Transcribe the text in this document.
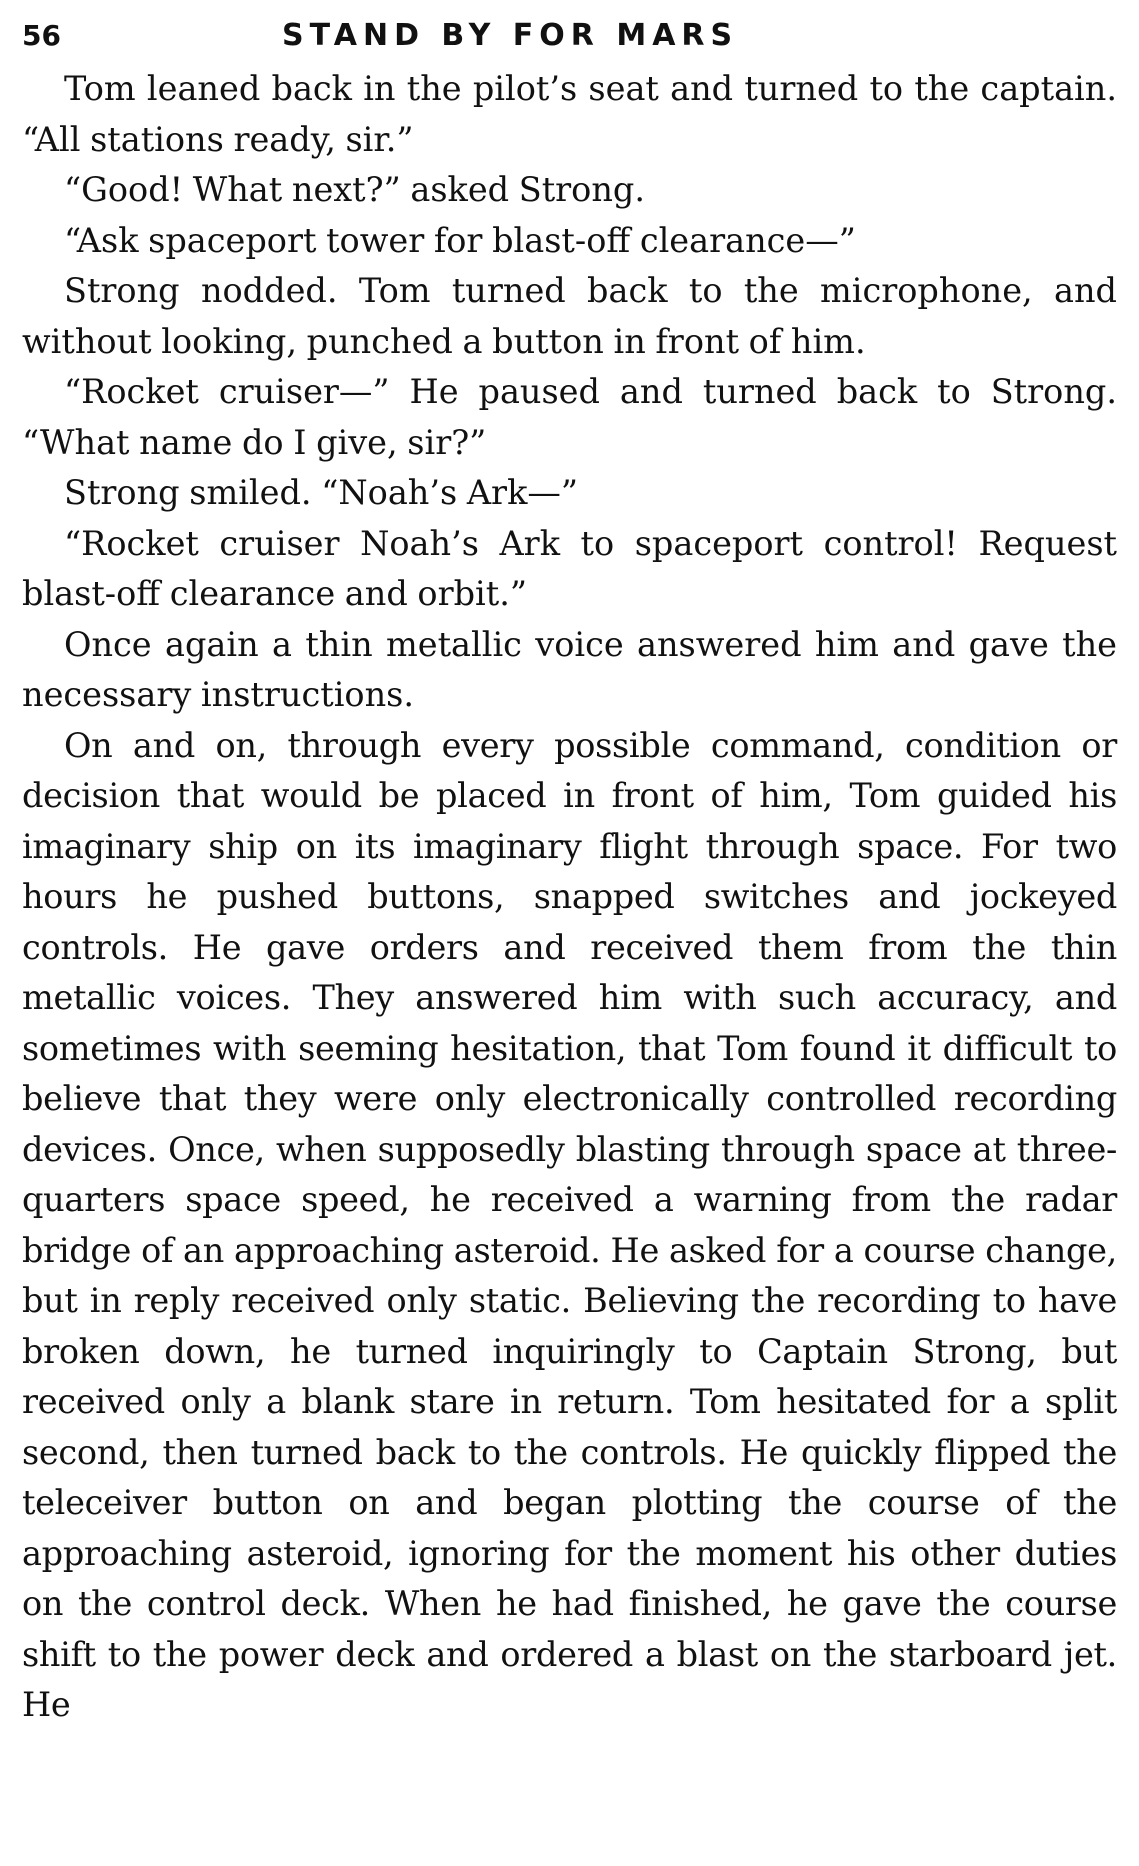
56	STAND BY FOR MARS

Tom leaned back in the pilot’s seat and turned to the captain. “All stations ready, sir.”

“Good! What next?” asked Strong.

“Ask spaceport tower for blast-off clearance—”

Strong nodded. Tom turned back to the microphone, and without looking, punched a button in front of him.

“Rocket cruiser—” He paused and turned back to Strong. “What name do I give, sir?”

Strong smiled. “Noah’s Ark—”

“Rocket cruiser Noah’s Ark to spaceport control! Request blast-off clearance and orbit.”

Once again a thin metallic voice answered him and gave the necessary instructions.

On and on, through every possible command, condition or decision that would be placed in front of him, Tom guided his imaginary ship on its imaginary flight through space. For two hours he pushed buttons, snapped switches and jockeyed controls. He gave orders and received them from the thin metallic voices. They answered him with such accuracy, and sometimes with seeming hesitation, that Tom found it difficult to believe that they were only electronically controlled recording devices. Once, when supposedly blasting through space at three-quarters space speed, he received a warning from the radar bridge of an approaching asteroid. He asked for a course change, but in reply received only static. Believing the recording to have broken down, he turned inquiringly to Captain Strong, but received only a blank stare in return. Tom hesitated for a split second, then turned back to the controls. He quickly flipped the teleceiver button on and began plotting the course of the approaching asteroid, ignoring for the moment his other duties on the control deck. When he had finished, he gave the course shift to the power deck and ordered a blast on the starboard jet. He
